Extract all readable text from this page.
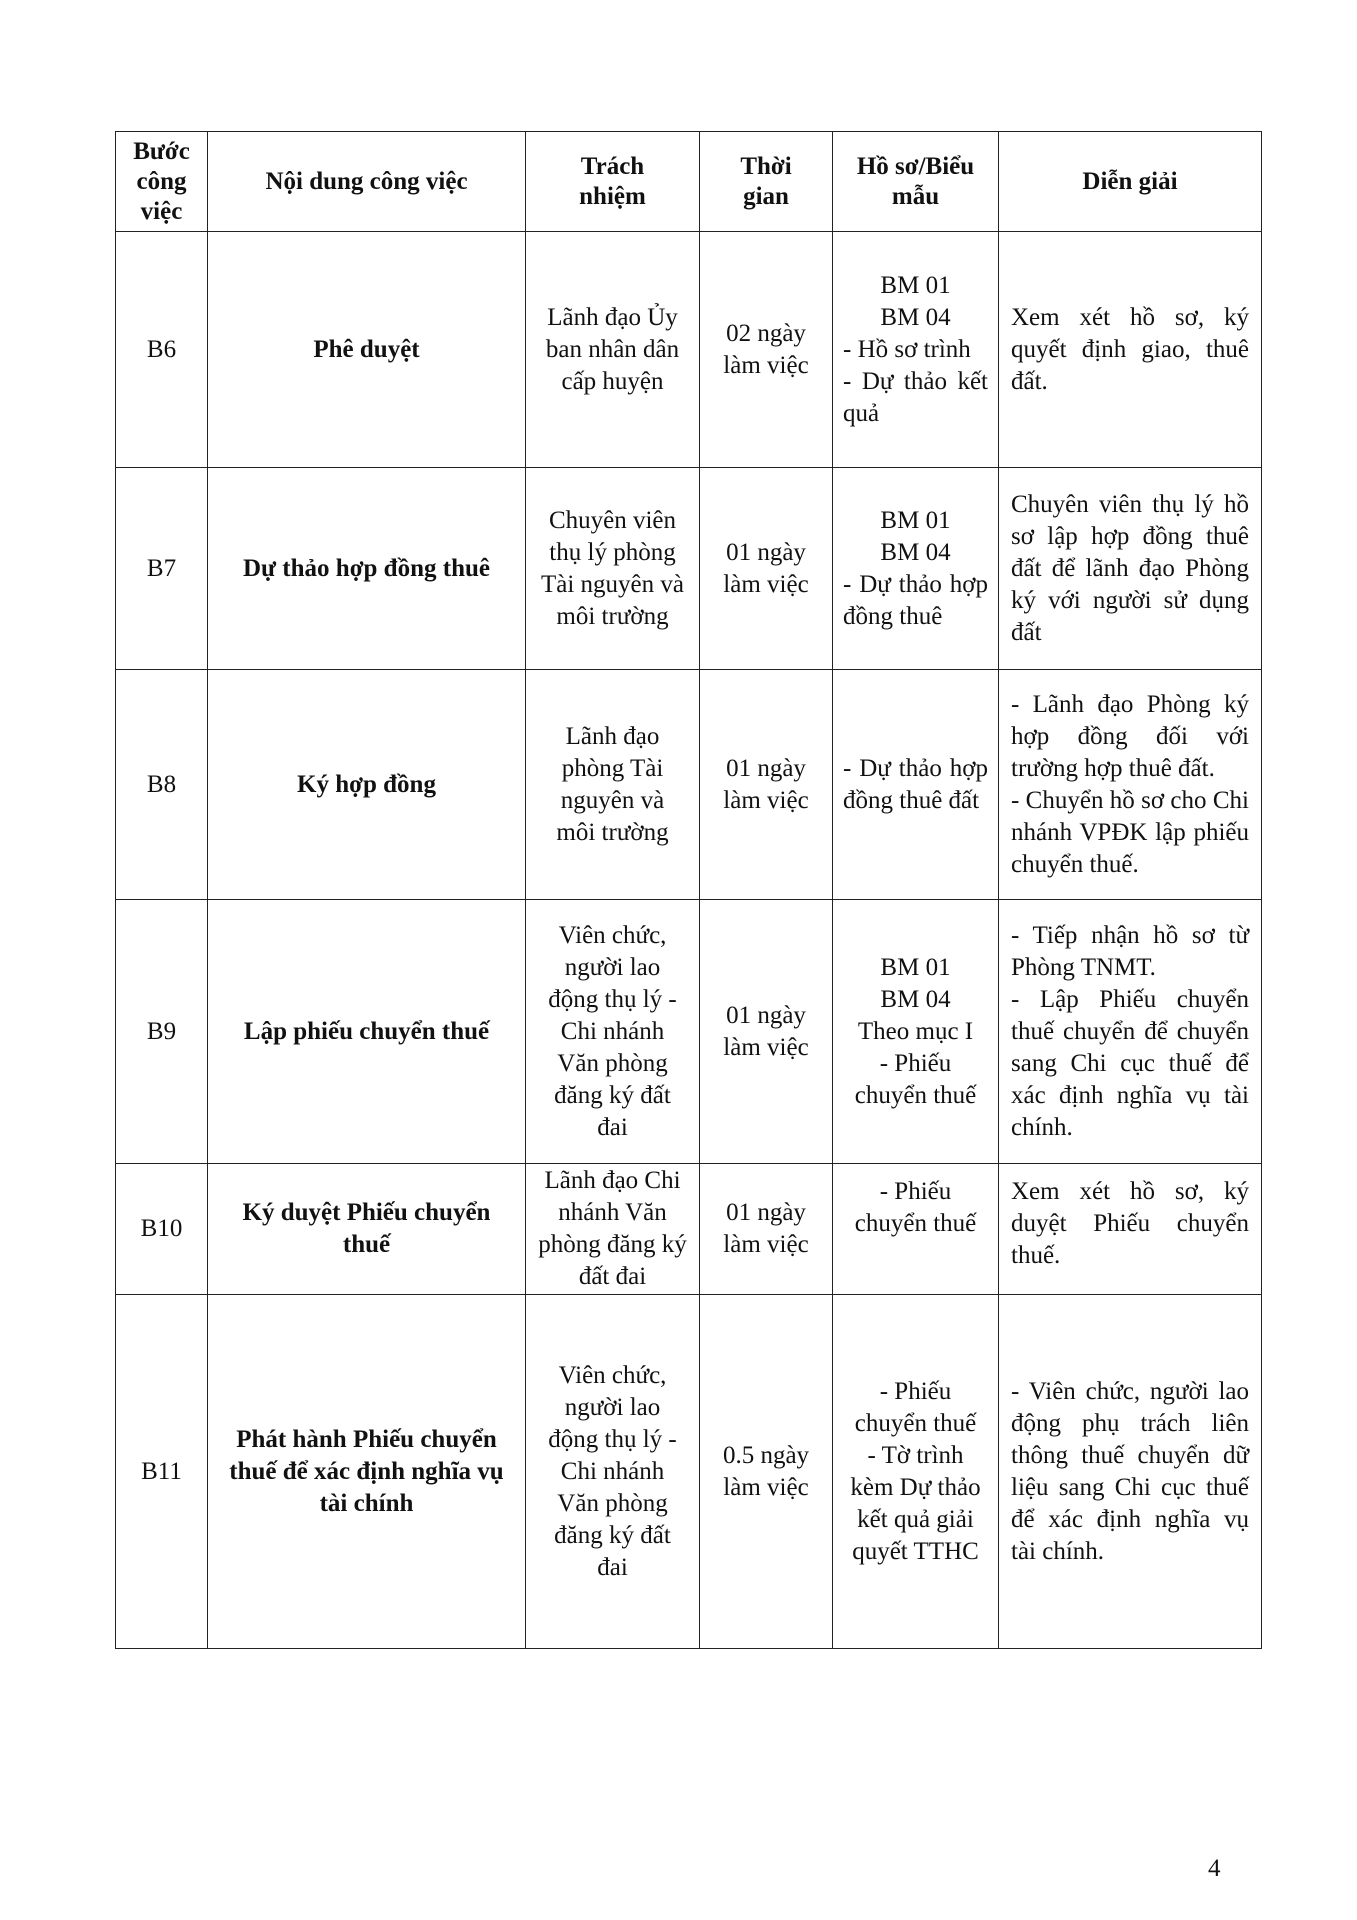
Bước công việc	Nội dung công việc	Trách nhiệm	Thời gian	Hồ sơ/Biểu mẫu	Diễn giải
B6	Phê duyệt	Lãnh đạo Ủy ban nhân dân cấp huyện	02 ngày làm việc	BM 01
BM 04
- Hồ sơ trình
- Dự thảo kết quả	Xem xét hồ sơ, ký quyết định giao, thuê đất.
B7	Dự thảo hợp đồng thuê	Chuyên viên thụ lý phòng Tài nguyên và môi trường	01 ngày làm việc	BM 01
BM 04
- Dự thảo hợp đồng thuê	Chuyên viên thụ lý hồ sơ lập hợp đồng thuê đất để lãnh đạo Phòng ký với người sử dụng đất
B8	Ký hợp đồng	Lãnh đạo phòng Tài nguyên và môi trường	01 ngày làm việc	- Dự thảo hợp đồng thuê đất	- Lãnh đạo Phòng ký hợp đồng đối với trường hợp thuê đất.
- Chuyển hồ sơ cho Chi nhánh VPĐK lập phiếu chuyển thuế.
B9	Lập phiếu chuyển thuế	Viên chức, người lao động thụ lý - Chi nhánh Văn phòng đăng ký đất đai	01 ngày làm việc	BM 01
BM 04
Theo mục I
- Phiếu chuyển thuế	- Tiếp nhận hồ sơ từ Phòng TNMT.
- Lập Phiếu chuyển thuế chuyển để chuyển sang Chi cục thuế để xác định nghĩa vụ tài chính.
B10	Ký duyệt Phiếu chuyển thuế	Lãnh đạo Chi nhánh Văn phòng đăng ký đất đai	01 ngày làm việc	- Phiếu chuyển thuế	Xem xét hồ sơ, ký duyệt Phiếu chuyển thuế.
B11	Phát hành Phiếu chuyển thuế để xác định nghĩa vụ tài chính	Viên chức, người lao động thụ lý - Chi nhánh Văn phòng đăng ký đất đai	0.5 ngày làm việc	- Phiếu chuyển thuế
- Tờ trình kèm Dự thảo kết quả giải quyết TTHC	- Viên chức, người lao động phụ trách liên thông thuế chuyển dữ liệu sang Chi cục thuế để xác định nghĩa vụ tài chính.
4
